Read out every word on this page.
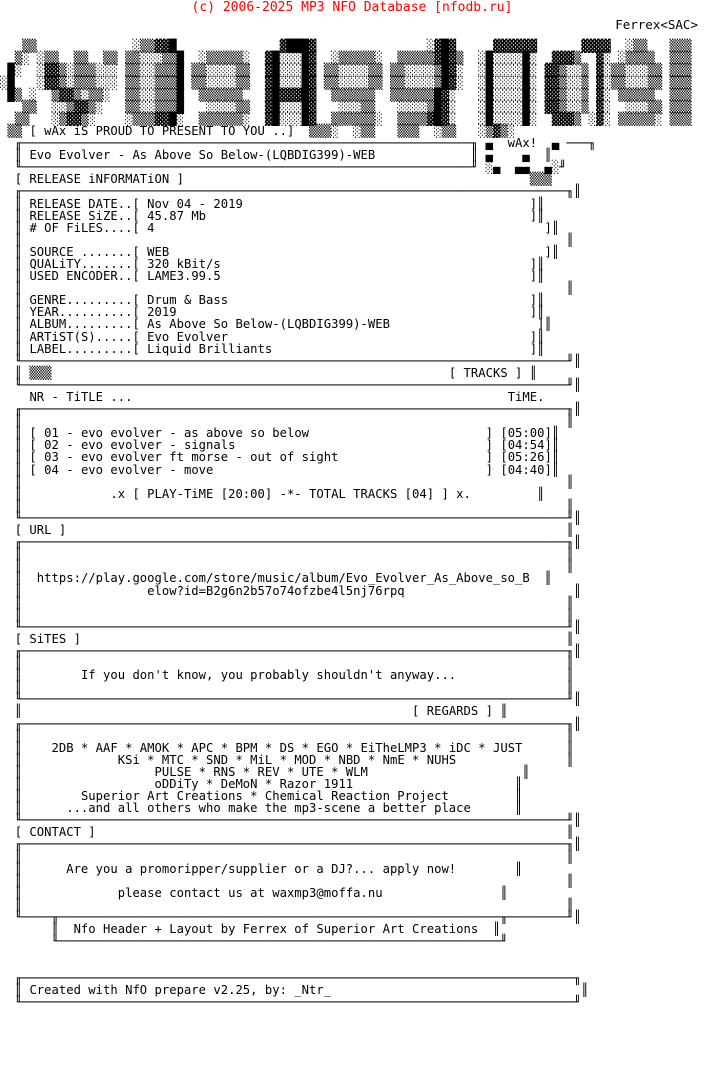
(c) 2006-2025 MP3 NFO Database [nfodb.ru]

▒▒             ░▒▒▓▓█              ▓███▓               ░▓█▓     ▓▓▓▓▓▓      ▓▓▓▓  ░▒▒   ▒▒▒
▒░ ░▒▒  ▒▒  ▒▒ ▒▒░░░▒▒█  ░▒▒▒▒▒░  ▓█░░░█▓  ░▒▒▒▒▒░  ▒▒▒▒▒▓█▓▒  ░█░░░░█░  ▓▓▓▒  ▓░ ░▒▒▒▒  ▒▒▒
█░  ░▓▓▒░▒▒▒░░░ ▒▒░░▒▒▒█ ▒▒░░░░▒▒  ▓█░░░█▓ ▒▒░░░░▒▒ ▒▒░░░░▒█▓░  ░█░░░░█░ ▓▓▒░░▒ ▓░▒▒░░░▒▒ ▒▒▒
░█   ░▓▓▒░▒▒▒░░░ ▒▒░░▒▒▒█ ▒▒░░░░▒▒  ▓█░░░█▓ ▒▒░░░░▒▒ ▒▒░░░░▒█▓░  ░█░░░░█░ ▓▓▒░░▒ ▓░▒▒░░░▒▒ ▒▒▒
█▒ ░  ▒▓▓▒░▒▒░  ▒▒░░▒▒▒█  ▒▒▒▒▒▒   ▓█▓▓▓█▓  ▒▒▒▒▒▒  ▒▒▒▒▒▒█▓░   ░█░░░░█░ ▓▓▒░░▒ ▓░ ▒▒▒▒▒  ▒▒▒
▒▒  ░░▒▓▓▒░   ▒▒░░▒▒▒█   ░░░░▒▒  ▓█░░░█▓   ░░░▒▒   ░░░░▒█▓░   ░█░░░░█░ ▓▓▒░░▒ ▓░  ░░░▒▒ ▒▒▒
▒▒   ░▒▓▓▒░    ░▒▒▒▓▓█░  ▒▒▒▒▒▒░  ▓█░░░█▓  ▒▒▒▒▒▒░  ▒▒▒▒▓█▓░   ░█░░░░█░  ▓▓▓▒ ░▓░ ▒▒▒▒▒░ ▒▒▒
▒▒ [ wAx iS PROUD TO PRESENT TO YOU ..]  ▒▒▒░  ░▒▒   ▒▒▒  ░▒▒   ░▒▓▒░
╓─────────────────────────────────────────────────────────────╖ ▄  wAx!  ▄ ───╖
║ Evo Evolver - As Above So Below-(LQBDIG399)-WEB             ║ ▄    ▄  ║
╙─────────────────────────────────────────────────────────────╜ ░▄  ▄▄  ▄░╜
[ RELEASE iNFORMATiON ]                                               ▒▒▒
╓──────────────────────────────────────────────────────────────────────────╖║
║ RELEASE DATE..[ Nov 04 - 2019                                       ]║
║ RELEASE SiZE..[ 45.87 Mb                                            ]║
║ # OF FiLES....[ 4                                                     ]║
║                                                                          ║
║ SOURCE .......[ WEB                                                   ]║
║ QUALiTY.......[ 320 kBit/s                                          ]║
║ USED ENCODER..[ LAME3.99.5                                          ]║
║                                                                          ║
║ GENRE.........[ Drum & Bass                                         ]║
║ YEAR..........[ 2019                                                ]║
║ ALBUM.........[ As Above So Below-(LQBDIG399)-WEB                    ]║
║ ARTiST(S).....[ Evo Evolver                                         ]║
║ LABEL.........[ Liquid Brilliants                                   ]║
╙──────────────────────────────────────────────────────────────────────────╜║
║ ▒▒▒                                                      [ TRACKS ] ║
╙──────────────────────────────────────────────────────────────────────────╜║
NR - TiTLE ...	TiME.
╓──────────────────────────────────────────────────────────────────────────╖║
║                                                                          ║
║ [ 01 - evo evolver - as above so below                        ] [05:00]║
║ [ 02 - evo evolver - signals                                  ] [04:54]║
║ [ 03 - evo evolver ft morse - out of sight                    ] [05:26]║
║ [ 04 - evo evolver - move                                     ] [04:40]║
║                                                                          ║
║            .x [ PLAY-TiME [20:00] -*- TOTAL TRACKS [04] ] x.         ║
║                                                                          ║
╙──────────────────────────────────────────────────────────────────────────╜║
[ URL ]                                                                    ║
╓──────────────────────────────────────────────────────────────────────────╖║
║                                                                          ║
║                                                                          ║
║  https://play.google.com/store/music/album/Evo_Evolver_As_Above_so_B  ║
║                 elow?id=B2g6n2b57o74ofzbe4l5nj76rpq                       ║
║                                                                          ║
║                                                                          ║
╙──────────────────────────────────────────────────────────────────────────╜║
[ SiTES ]                                                                  ║
╓──────────────────────────────────────────────────────────────────────────╖║
║                                                                          ║
║        If you don't know, you probably shouldn't anyway...               ║
║                                                                          ║
╙──────────────────────────────────────────────────────────────────────────╜║
║                                                     [ REGARDS ] ║
╓──────────────────────────────────────────────────────────────────────────╖║
║                                                                          ║
║    2DB * AAF * AMOK * APC * BPM * DS * EGO * EiTheLMP3 * iDC * JUST      ║
║             KSi * MTC * SND * MiL * MOD * NBD * NmE * NUHS               ║
║                  PULSE * RNS * REV * UTE * WLM                     ║
║                  oDDiTy * DeMoN * Razor 1911                      ║
║        Superior Art Creations * Chemical Reaction Project         ║
║      ...and all others who make the mp3-scene a better place      ║
╙──────────────────────────────────────────────────────────────────────────╜║
[ CONTACT ]                                                                ║
╓──────────────────────────────────────────────────────────────────────────╖║
║                                                                          ║
║      Are you a promoripper/supplier or a DJ?... apply now!        ║
║                                                                          ║
║             please contact us at waxmp3@moffa.nu                ║
║                                                                          ║
╙────╥────────────────────────────────────────────────────────────╥────────╜║
║  Nfo Header + Layout by Ferrex of Superior Art Creations  ║
╙────────────────────────────────────────────────────────────╜

╓───────────────────────────────────────────────────────────────────────────╖
║ Created with NfO prepare v2.25, by: _Ntr_                                  ║
╙───────────────────────────────────────────────────────────────────────────╜
Ferrex<SAC>
